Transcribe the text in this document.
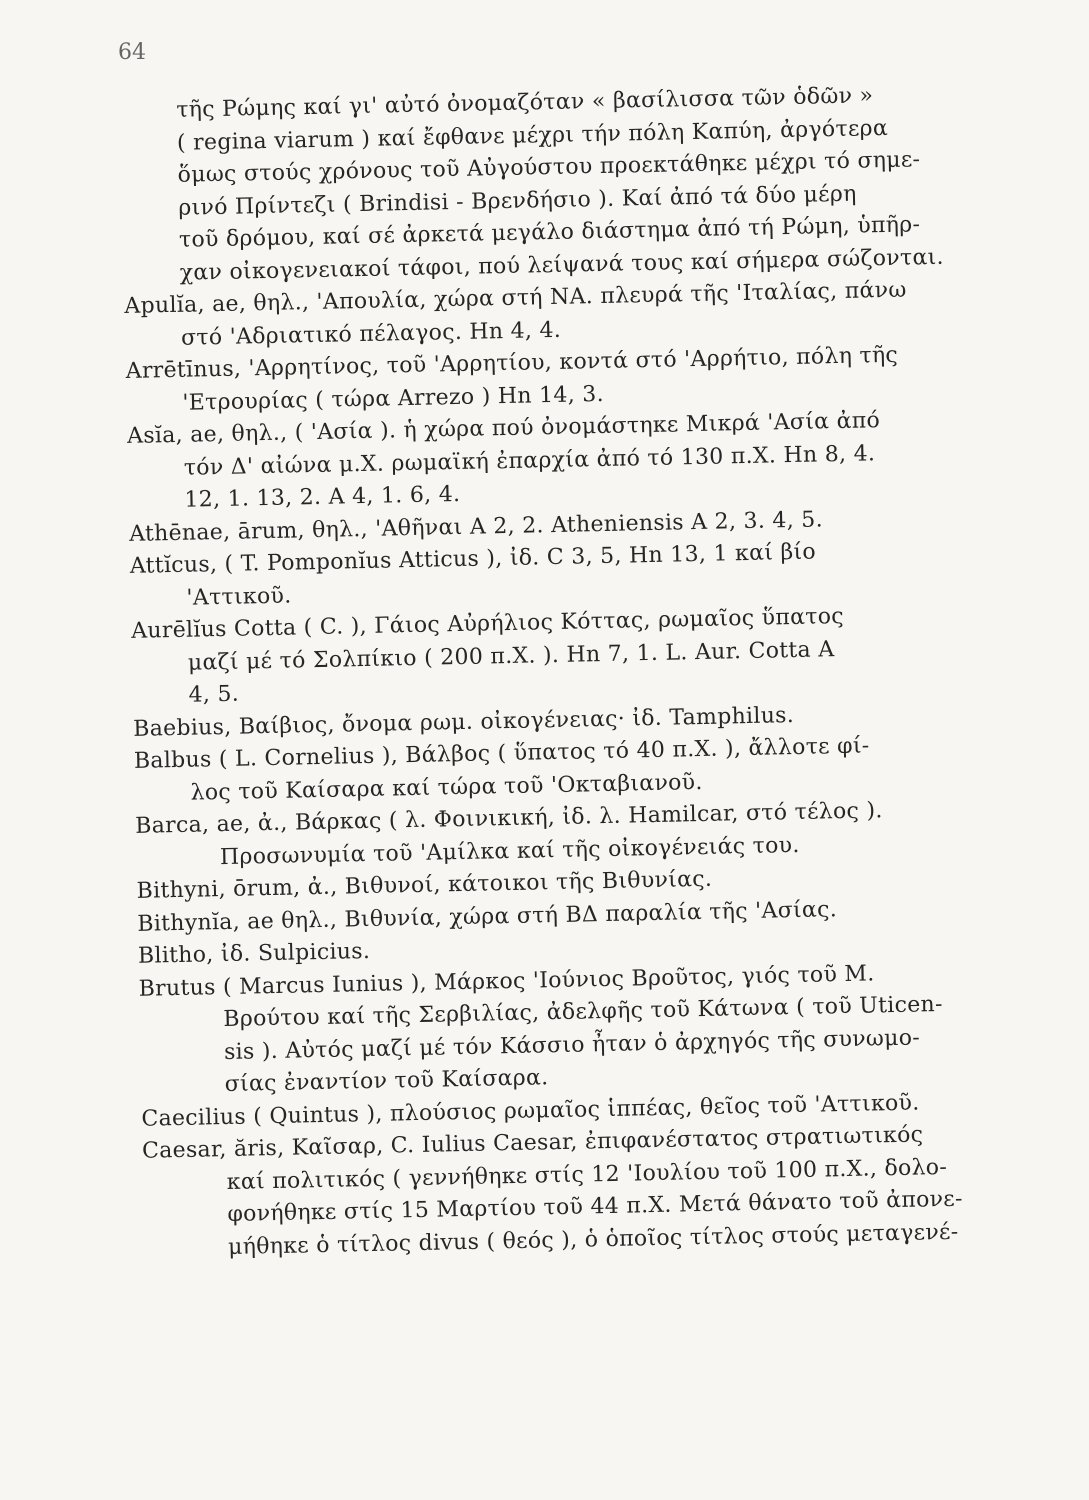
64
τῆς Ρώμης καί γι' αὐτό ὀνομαζόταν « βασίλισσα τῶν ὁδῶν »
( regina viarum ) καί ἔφθανε μέχρι τήν πόλη Καπύη, ἀργότερα
ὅμως στούς χρόνους τοῦ Αὐγούστου προεκτάθηκε μέχρι τό σημε-
ρινό Πρίντεζι ( Brindisi - Βρενδήσιο ). Καί ἀπό τά δύο μέρη
τοῦ δρόμου, καί σέ ἀρκετά μεγάλο διάστημα ἀπό τή Ρώμη, ὑπῆρ-
χαν οἰκογενειακοί τάφοι, πού λείψανά τους καί σήμερα σώζονται.
Apulĭa, ae, θηλ., 'Απουλία, χώρα στή ΝΑ. πλευρά τῆς 'Ιταλίας, πάνω
στό 'Αδριατικό πέλαγος. Hn 4, 4.
Arrētīnus, 'Αρρητίνος, τοῦ 'Αρρητίου, κοντά στό 'Αρρήτιο, πόλη τῆς
'Ετρουρίας ( τώρα Arrezo ) Hn 14, 3.
Asĭa, ae, θηλ., ( 'Ασία ). ἡ χώρα πού ὀνομάστηκε Μικρά 'Ασία ἀπό
τόν Δ' αἰώνα μ.Χ. ρωμαϊκή ἐπαρχία ἀπό τό 130 π.Χ. Hn 8, 4.
12, 1. 13, 2. A 4, 1. 6, 4.
Athēnae, ārum, θηλ., 'Αθῆναι A 2, 2. Atheniensis A 2, 3. 4, 5.
Attĭcus, ( T. Pomponĭus Atticus ), ἰδ. C 3, 5, Hn 13, 1 καί βίο
'Αττικοῦ.
Aurēlĭus Cotta ( C. ), Γάιος Αὐρήλιος Κόττας, ρωμαῖος ὕπατος
μαζί μέ τό Σολπίκιο ( 200 π.Χ. ). Hn 7, 1. L. Aur. Cotta A
4, 5.
Baebius, Βαίβιος, ὄνομα ρωμ. οἰκογένειας· ἰδ. Tamphilus.
Balbus ( L. Cornelius ), Βάλβος ( ὕπατος τό 40 π.Χ. ), ἄλλοτε φί-
λος τοῦ Καίσαρα καί τώρα τοῦ 'Οκταβιανοῦ.
Barca, ae, ἀ., Βάρκας ( λ. Φοινικική, ἰδ. λ. Hamilcar, στό τέλος ).
Προσωνυμία τοῦ 'Αμίλκα καί τῆς οἰκογένειάς του.
Bithyni, ōrum, ἀ., Βιθυνοί, κάτοικοι τῆς Βιθυνίας.
Bithynĭa, ae θηλ., Βιθυνία, χώρα στή ΒΔ παραλία τῆς 'Ασίας.
Blitho, ἰδ. Sulpicius.
Brutus ( Marcus Iunius ), Μάρκος 'Ιούνιος Βροῦτος, γιός τοῦ Μ.
Βρούτου καί τῆς Σερβιλίας, ἀδελφῆς τοῦ Κάτωνα ( τοῦ Uticen-
sis ). Αὐτός μαζί μέ τόν Κάσσιο ἦταν ὁ ἀρχηγός τῆς συνωμο-
σίας ἐναντίον τοῦ Καίσαρα.
Caecilius ( Quintus ), πλούσιος ρωμαῖος ἱππέας, θεῖος τοῦ 'Αττικοῦ.
Caesar, ăris, Καῖσαρ, C. Iulius Caesar, ἐπιφανέστατος στρατιωτικός
καί πολιτικός ( γεννήθηκε στίς 12 'Ιουλίου τοῦ 100 π.Χ., δολο-
φονήθηκε στίς 15 Μαρτίου τοῦ 44 π.Χ. Μετά θάνατο τοῦ ἀπονε-
μήθηκε ὁ τίτλος divus ( θεός ), ὁ ὁποῖος τίτλος στούς μεταγενέ-
